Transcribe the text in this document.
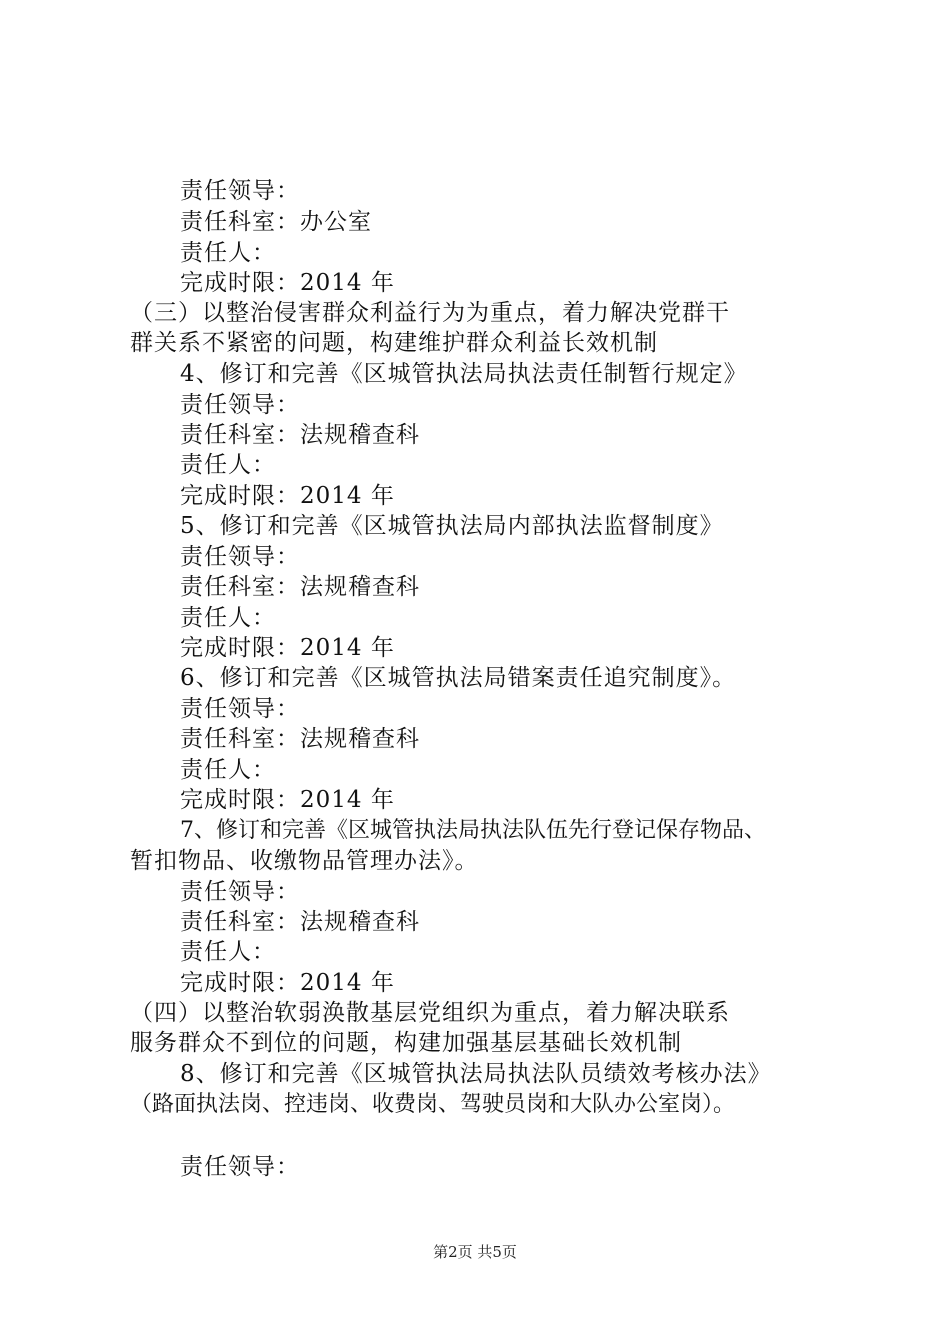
责任领导：
责任科室：办公室
责任人：
完成时限：2014 年
（三）以整治侵害群众利益行为为重点，着力解决党群干
群关系不紧密的问题，构建维护群众利益长效机制
4、修订和完善《区城管执法局执法责任制暂行规定》
责任领导：
责任科室：法规稽查科
责任人：
完成时限：2014 年
5、修订和完善《区城管执法局内部执法监督制度》
责任领导：
责任科室：法规稽查科
责任人：
完成时限：2014 年
6、修订和完善《区城管执法局错案责任追究制度》。
责任领导：
责任科室：法规稽查科
责任人：
完成时限：2014 年
7、修订和完善《区城管执法局执法队伍先行登记保存物品、
暂扣物品、收缴物品管理办法》。
责任领导：
责任科室：法规稽查科
责任人：
完成时限：2014 年
（四）以整治软弱涣散基层党组织为重点，着力解决联系
服务群众不到位的问题，构建加强基层基础长效机制
8、修订和完善《区城管执法局执法队员绩效考核办法》
（路面执法岗、控违岗、收费岗、驾驶员岗和大队办公室岗）。
责任领导：
第2页 共5页
